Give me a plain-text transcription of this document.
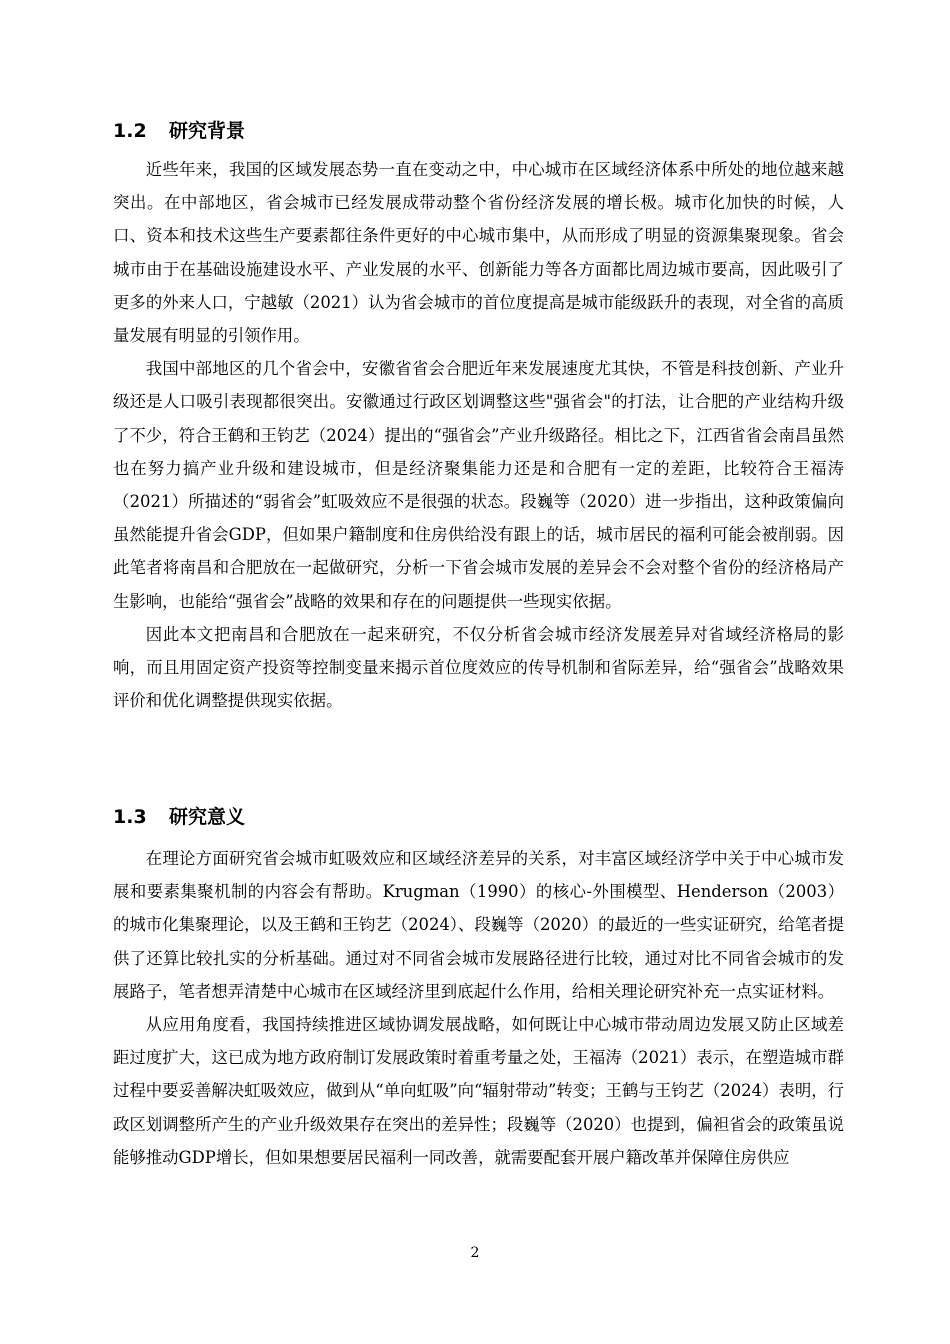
1.2 研究背景

近些年来，我国的区域发展态势一直在变动之中，中心城市在区域经济体系中所处的地位越来越突出。在中部地区，省会城市已经发展成带动整个省份经济发展的增长极。城市化加快的时候，人口、资本和技术这些生产要素都往条件更好的中心城市集中，从而形成了明显的资源集聚现象。省会城市由于在基础设施建设水平、产业发展的水平、创新能力等各方面都比周边城市要高，因此吸引了更多的外来人口，宁越敏（2021）认为省会城市的首位度提高是城市能级跃升的表现，对全省的高质量发展有明显的引领作用。

我国中部地区的几个省会中，安徽省省会合肥近年来发展速度尤其快，不管是科技创新、产业升级还是人口吸引表现都很突出。安徽通过行政区划调整这些"强省会"的打法，让合肥的产业结构升级了不少，符合王鹤和王钧艺（2024）提出的“强省会”产业升级路径。相比之下，江西省省会南昌虽然也在努力搞产业升级和建设城市，但是经济聚集能力还是和合肥有一定的差距，比较符合王福涛（2021）所描述的“弱省会”虹吸效应不是很强的状态。段巍等（2020）进一步指出，这种政策偏向虽然能提升省会GDP，但如果户籍制度和住房供给没有跟上的话，城市居民的福利可能会被削弱。因此笔者将南昌和合肥放在一起做研究，分析一下省会城市发展的差异会不会对整个省份的经济格局产生影响，也能给“强省会”战略的效果和存在的问题提供一些现实依据。

因此本文把南昌和合肥放在一起来研究，不仅分析省会城市经济发展差异对省域经济格局的影响，而且用固定资产投资等控制变量来揭示首位度效应的传导机制和省际差异，给“强省会”战略效果评价和优化调整提供现实依据。

1.3 研究意义

在理论方面研究省会城市虹吸效应和区域经济差异的关系，对丰富区域经济学中关于中心城市发展和要素集聚机制的内容会有帮助。Krugman（1990）的核心-外围模型、Henderson（2003）的城市化集聚理论，以及王鹤和王钧艺（2024）、段巍等（2020）的最近的一些实证研究，给笔者提供了还算比较扎实的分析基础。通过对不同省会城市发展路径进行比较，通过对比不同省会城市的发展路子，笔者想弄清楚中心城市在区域经济里到底起什么作用，给相关理论研究补充一点实证材料。

从应用角度看，我国持续推进区域协调发展战略，如何既让中心城市带动周边发展又防止区域差距过度扩大，这已成为地方政府制订发展政策时着重考量之处，王福涛（2021）表示，在塑造城市群过程中要妥善解决虹吸效应，做到从“单向虹吸”向“辐射带动”转变；王鹤与王钧艺（2024）表明，行政区划调整所产生的产业升级效果存在突出的差异性；段巍等（2020）也提到，偏袒省会的政策虽说能够推动GDP增长，但如果想要居民福利一同改善，就需要配套开展户籍改革并保障住房供应

2
